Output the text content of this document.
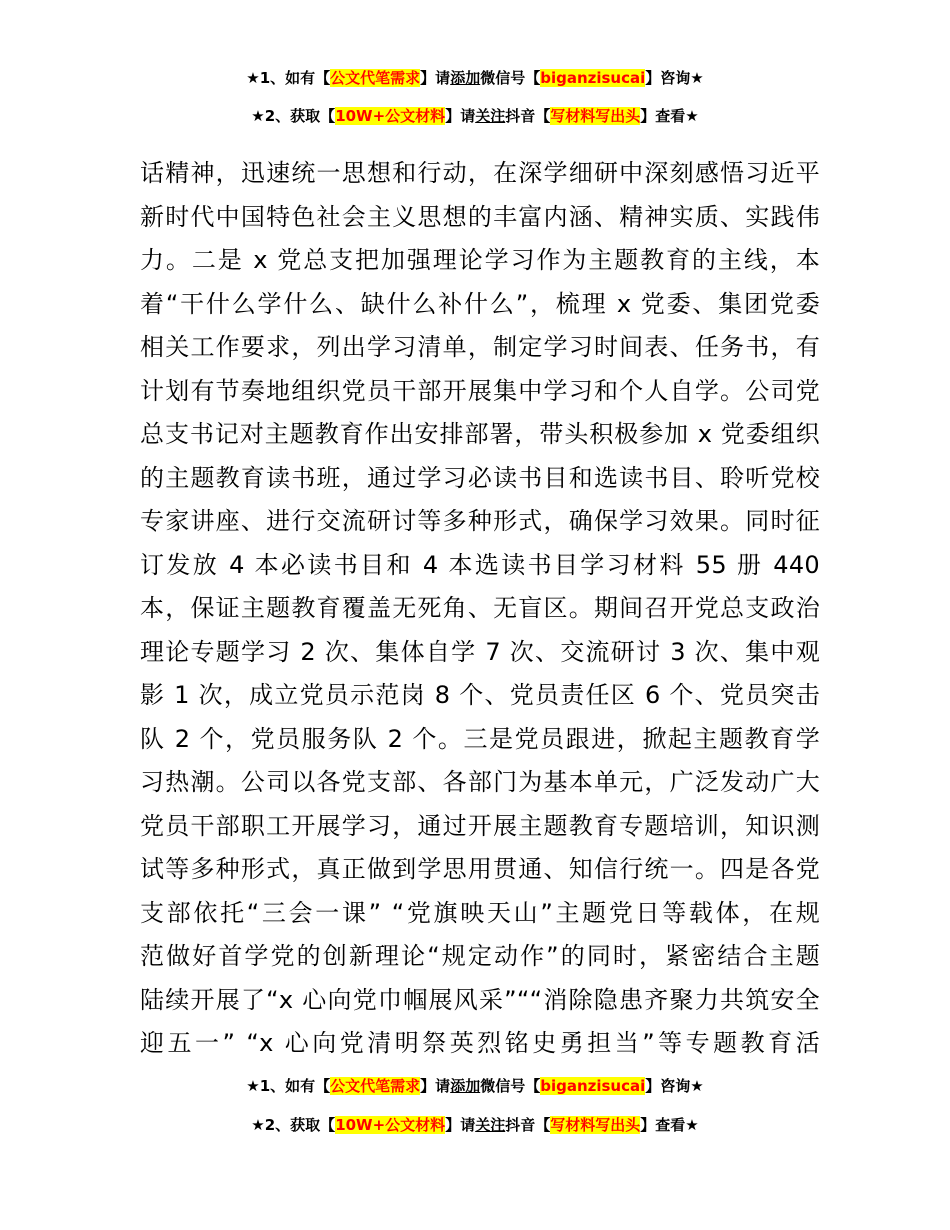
★1、如有【公文代笔需求】请添加微信号【biganzisucai】咨询★
★2、获取【10W+公文材料】请关注抖音【写材料写出头】查看★
话精神，迅速统一思想和行动，在深学细研中深刻感悟习近平
新时代中国特色社会主义思想的丰富内涵、精神实质、实践伟
力。二是 x 党总支把加强理论学习作为主题教育的主线，本
着“干什么学什么、缺什么补什么”，梳理 x 党委、集团党委
相关工作要求，列出学习清单，制定学习时间表、任务书，有
计划有节奏地组织党员干部开展集中学习和个人自学。公司党
总支书记对主题教育作出安排部署，带头积极参加 x 党委组织
的主题教育读书班，通过学习必读书目和选读书目、聆听党校
专家讲座、进行交流研讨等多种形式，确保学习效果。同时征
订发放 4 本必读书目和 4 本选读书目学习材料 55 册 440
本，保证主题教育覆盖无死角、无盲区。期间召开党总支政治
理论专题学习 2 次、集体自学 7 次、交流研讨 3 次、集中观
影 1 次，成立党员示范岗 8 个、党员责任区 6 个、党员突击
队 2 个，党员服务队 2 个。三是党员跟进，掀起主题教育学
习热潮。公司以各党支部、各部门为基本单元，广泛发动广大
党员干部职工开展学习，通过开展主题教育专题培训，知识测
试等多种形式，真正做到学思用贯通、知信行统一。四是各党
支部依托“三会一课” “党旗映天山”主题党日等载体，在规
范做好首学党的创新理论“规定动作”的同时，紧密结合主题
陆续开展了“x 心向党巾帼展风采”““消除隐患齐聚力共筑安全
迎五一” “x 心向党清明祭英烈铭史勇担当”等专题教育活
★1、如有【公文代笔需求】请添加微信号【biganzisucai】咨询★
★2、获取【10W+公文材料】请关注抖音【写材料写出头】查看★
